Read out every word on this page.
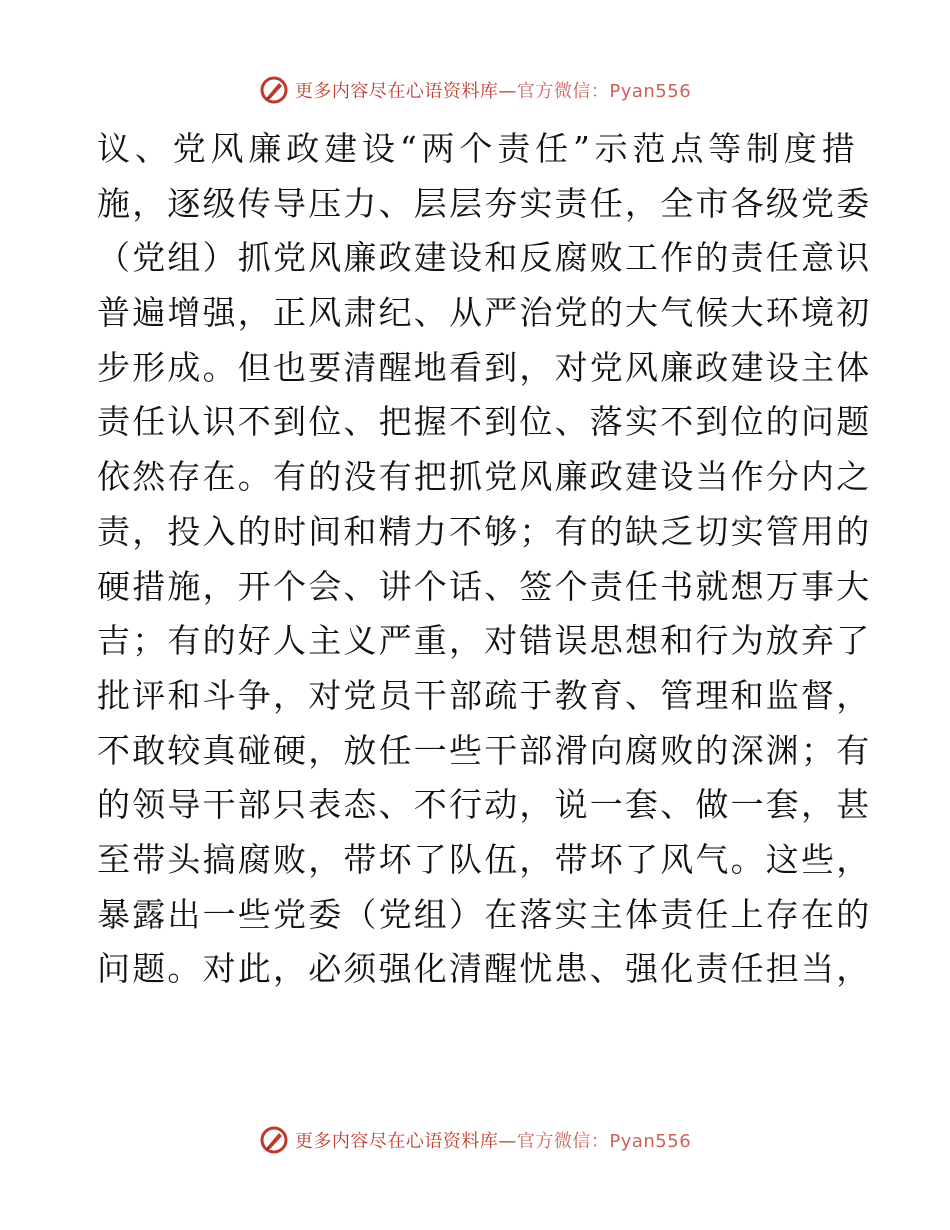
更多内容尽在心语资料库—官方微信：Pyan556
议、党风廉政建设“两个责任”示范点等制度措
施，逐级传导压力、层层夯实责任，全市各级党委
（党组）抓党风廉政建设和反腐败工作的责任意识
普遍增强，正风肃纪、从严治党的大气候大环境初
步形成。但也要清醒地看到，对党风廉政建设主体
责任认识不到位、把握不到位、落实不到位的问题
依然存在。有的没有把抓党风廉政建设当作分内之
责，投入的时间和精力不够；有的缺乏切实管用的
硬措施，开个会、讲个话、签个责任书就想万事大
吉；有的好人主义严重，对错误思想和行为放弃了
批评和斗争，对党员干部疏于教育、管理和监督，
不敢较真碰硬，放任一些干部滑向腐败的深渊；有
的领导干部只表态、不行动，说一套、做一套，甚
至带头搞腐败，带坏了队伍，带坏了风气。这些，
暴露出一些党委（党组）在落实主体责任上存在的
问题。对此，必须强化清醒忧患、强化责任担当，
更多内容尽在心语资料库—官方微信：Pyan556
